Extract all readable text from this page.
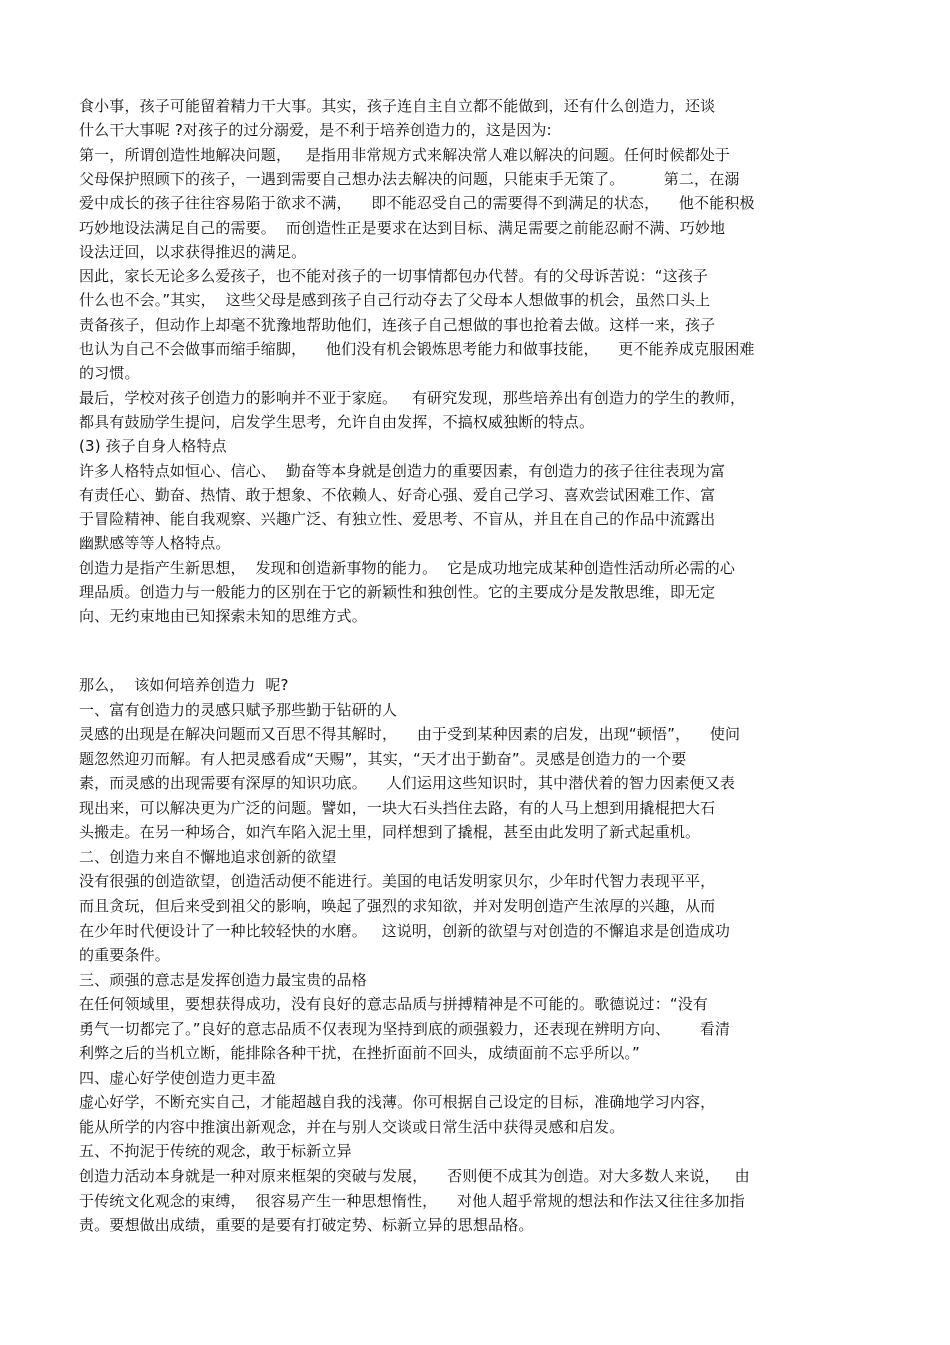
食小事，孩子可能留着精力干大事。其实，孩子连自主自立都不能做到，还有什么创造力，还谈
什么干大事呢 ?对孩子的过分溺爱，是不利于培养创造力的，这是因为:
第一，所谓创造性地解决问题，   是指用非常规方式来解决常人难以解决的问题。任何时候都处于
父母保护照顾下的孩子，一遇到需要自己想办法去解决的问题，只能束手无策了。        第二，在溺
爱中成长的孩子往往容易陷于欲求不满，    即不能忍受自己的需要得不到满足的状态，    他不能积极
巧妙地设法满足自己的需要。  而创造性正是要求在达到目标、满足需要之前能忍耐不满、巧妙地
设法迂回，以求获得推迟的满足。
因此，家长无论多么爱孩子，也不能对孩子的一切事情都包办代替。有的父母诉苦说：“这孩子
什么也不会。”其实，  这些父母是感到孩子自己行动夺去了父母本人想做事的机会，虽然口头上
责备孩子，但动作上却毫不犹豫地帮助他们，连孩子自己想做的事也抢着去做。这样一来，孩子
也认为自己不会做事而缩手缩脚，    他们没有机会锻炼思考能力和做事技能，    更不能养成克服困难
的习惯。
最后，学校对孩子创造力的影响并不亚于家庭。   有研究发现，那些培养出有创造力的学生的教师，
都具有鼓励学生提问，启发学生思考，允许自由发挥，不搞权威独断的特点。
(3) 孩子自身人格特点
许多人格特点如恒心、信心、  勤奋等本身就是创造力的重要因素，有创造力的孩子往往表现为富
有责任心、勤奋、热情、敢于想象、不依赖人、好奇心强、爱自己学习、喜欢尝试困难工作、富
于冒险精神、能自我观察、兴趣广泛、有独立性、爱思考、不盲从，并且在自己的作品中流露出
幽默感等等人格特点。
创造力是指产生新思想，  发现和创造新事物的能力。  它是成功地完成某种创造性活动所必需的心
理品质。创造力与一般能力的区别在于它的新颖性和独创性。它的主要成分是发散思维，即无定
向、无约束地由已知探索未知的思维方式。
那么，  该如何培养创造力  呢?
一、富有创造力的灵感只赋予那些勤于钻研的人
灵感的出现是在解决问题而又百思不得其解时，    由于受到某种因素的启发，出现“顿悟”，    使问
题忽然迎刃而解。有人把灵感看成“天赐”，其实，“天才出于勤奋”。灵感是创造力的一个要
素，而灵感的出现需要有深厚的知识功底。    人们运用这些知识时，其中潜伏着的智力因素便又表
现出来，可以解决更为广泛的问题。譬如，一块大石头挡住去路，有的人马上想到用撬棍把大石
头搬走。在另一种场合，如汽车陷入泥土里，同样想到了撬棍，甚至由此发明了新式起重机。
二、创造力来自不懈地追求创新的欲望
没有很强的创造欲望，创造活动便不能进行。美国的电话发明家贝尔，少年时代智力表现平平，
而且贪玩，但后来受到祖父的影响，唤起了强烈的求知欲，并对发明创造产生浓厚的兴趣，从而
在少年时代便设计了一种比较轻快的水磨。   这说明，创新的欲望与对创造的不懈追求是创造成功
的重要条件。
三、顽强的意志是发挥创造力最宝贵的品格
在任何领域里，要想获得成功，没有良好的意志品质与拼搏精神是不可能的。歌德说过：“没有
勇气一切都完了。”良好的意志品质不仅表现为坚持到底的顽强毅力，还表现在辨明方向、      看清
利弊之后的当机立断，能排除各种干扰，在挫折面前不回头，成绩面前不忘乎所以。”
四、虚心好学使创造力更丰盈
虚心好学，不断充实自己，才能超越自我的浅薄。你可根据自己设定的目标，准确地学习内容，
能从所学的内容中推演出新观念，并在与别人交谈或日常生活中获得灵感和启发。
五、不拘泥于传统的观念，敢于标新立异
创造力活动本身就是一种对原来框架的突破与发展，    否则便不成其为创造。对大多数人来说，   由
于传统文化观念的束缚，  很容易产生一种思想惰性，    对他人超乎常规的想法和作法又往往多加指
责。要想做出成绩，重要的是要有打破定势、标新立异的思想品格。
